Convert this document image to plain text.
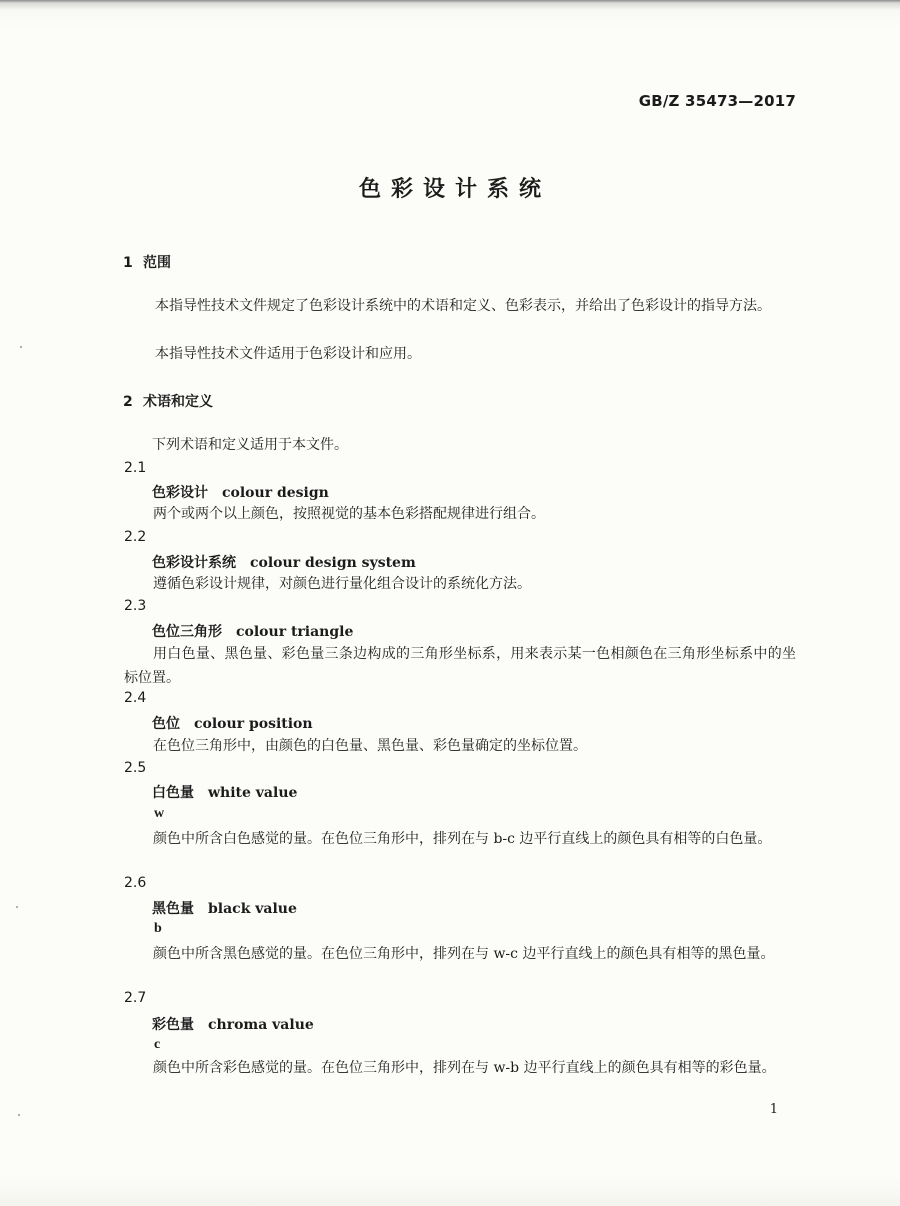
GB/Z 35473—2017
色彩设计系统
1 范围
本指导性技术文件规定了色彩设计系统中的术语和定义、色彩表示，并给出了色彩设计的指导方法。
本指导性技术文件适用于色彩设计和应用。
2 术语和定义
下列术语和定义适用于本文件。
2.1
色彩设计 colour design
两个或两个以上颜色，按照视觉的基本色彩搭配规律进行组合。
2.2
色彩设计系统 colour design system
遵循色彩设计规律，对颜色进行量化组合设计的系统化方法。
2.3
色位三角形 colour triangle
用白色量、黑色量、彩色量三条边构成的三角形坐标系，用来表示某一色相颜色在三角形坐标系中的坐标位置。
2.4
色位 colour position
在色位三角形中，由颜色的白色量、黑色量、彩色量确定的坐标位置。
2.5
白色量 white value
w
颜色中所含白色感觉的量。在色位三角形中，排列在与 b-c 边平行直线上的颜色具有相等的白色量。
2.6
黑色量 black value
b
颜色中所含黑色感觉的量。在色位三角形中，排列在与 w-c 边平行直线上的颜色具有相等的黑色量。
2.7
彩色量 chroma value
c
颜色中所含彩色感觉的量。在色位三角形中，排列在与 w-b 边平行直线上的颜色具有相等的彩色量。
1
